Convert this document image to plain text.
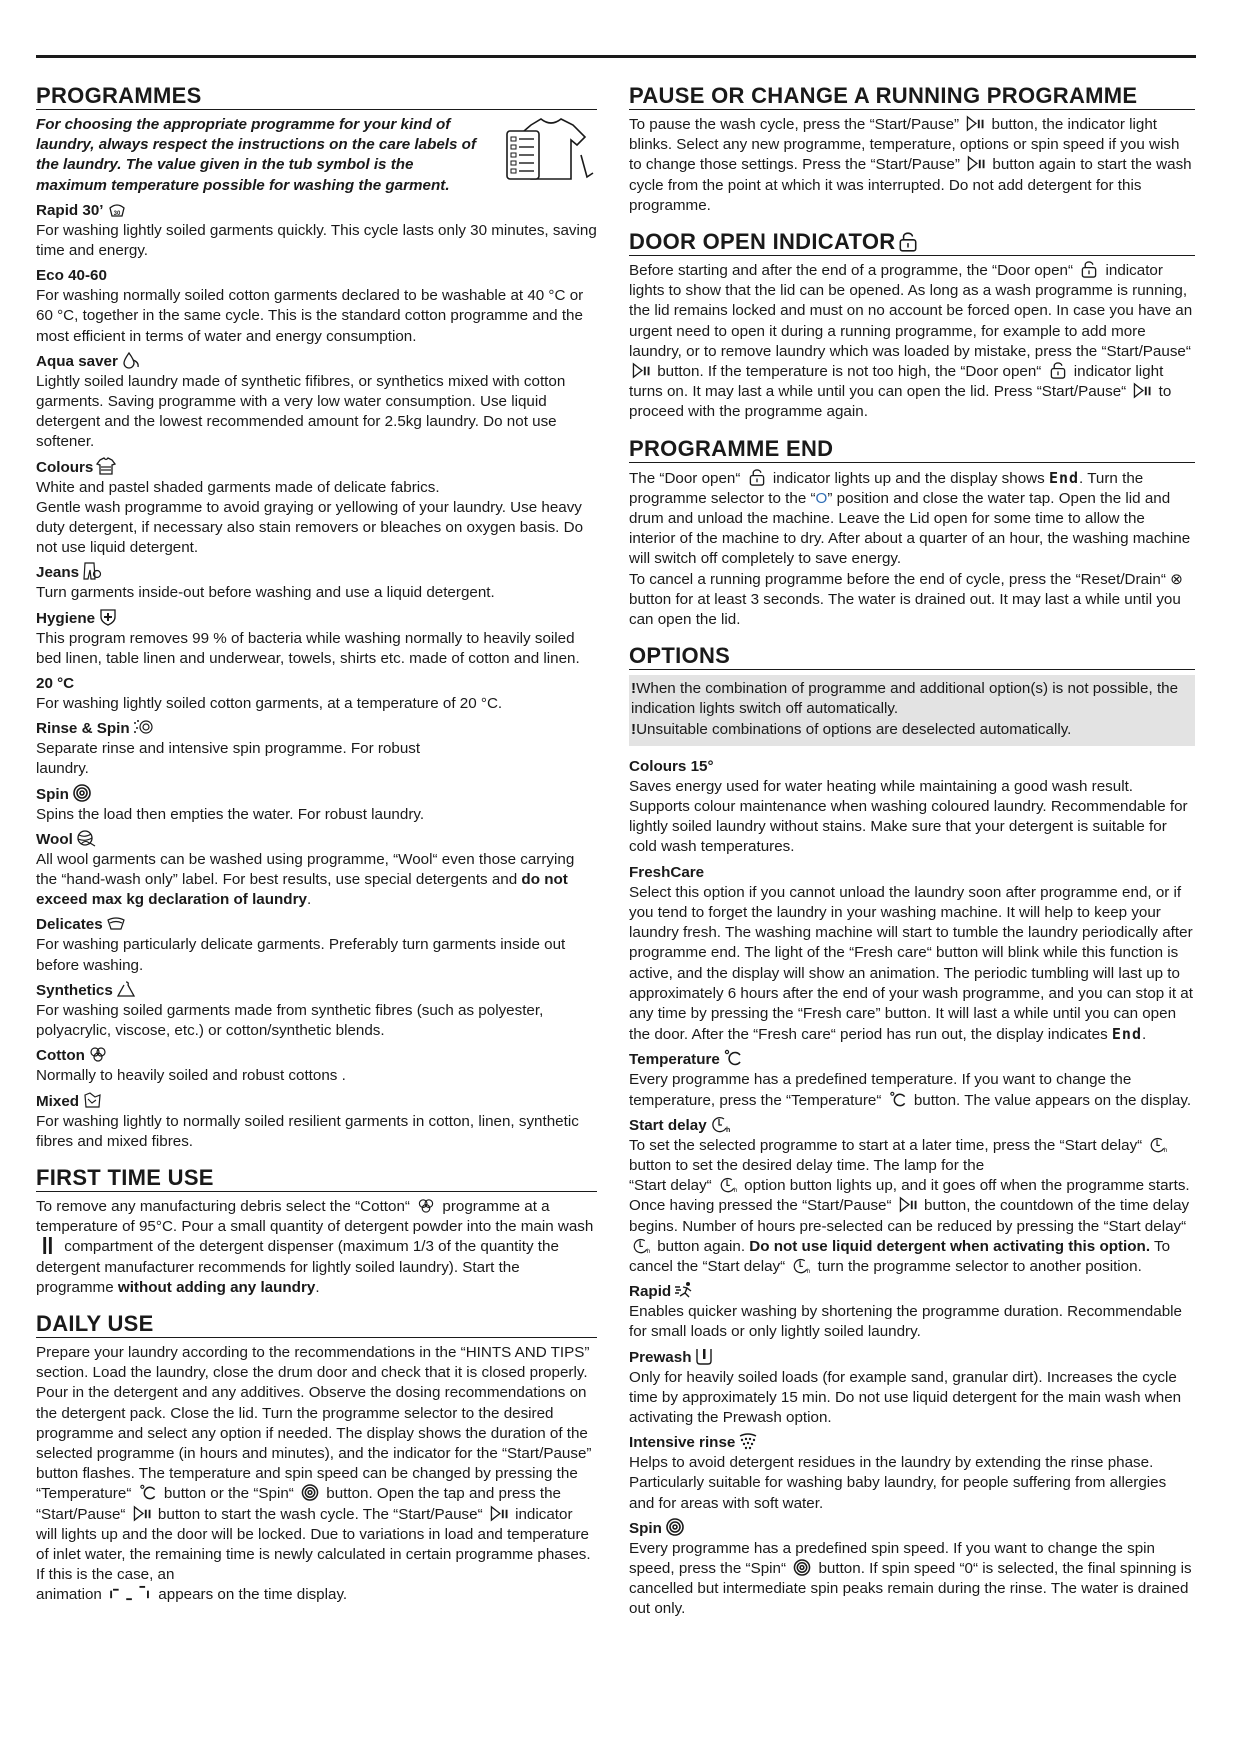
PROGRAMMES

For choosing the appropriate programme for your kind of laundry, always respect the instructions on the care labels of the laundry. The value given in the tub symbol is the maximum temperature possible for washing the garment.

Rapid 30’ 30

For washing lightly soiled garments quickly. This cycle lasts only 30 minutes, saving time and energy.

Eco 40-60

For washing normally soiled cotton garments declared to be washable at 40 °C or 60 °C, together in the same cycle. This is the standard cotton programme and the most efficient in terms of water and energy consumption.

Aqua saver

Lightly soiled laundry made of synthetic fifibres, or synthetics mixed with cotton garments. Saving programme with a very low water consumption. Use liquid detergent and the lowest recommended amount for 2.5kg laundry. Do not use softener.

Colours

White and pastel shaded garments made of delicate fabrics.

Gentle wash programme to avoid graying or yellowing of your laundry. Use heavy duty detergent, if necessary also stain removers or bleaches on oxygen basis. Do not use liquid detergent.

Jeans

Turn garments inside-out before washing and use a liquid detergent.

Hygiene

This program removes 99 % of bacteria while washing normally to heavily soiled bed linen, table linen and underwear, towels, shirts etc. made of cotton and linen.

20 °C

For washing lightly soiled cotton garments, at a temperature of 20 °C.

Rinse & Spin

Separate rinse and intensive spin programme. For robust

laundry.

Spin

Spins the load then empties the water. For robust laundry.

Wool

All wool garments can be washed using programme, “Wool“ even those carrying the “hand-wash only” label. For best results, use special detergents and do not exceed max kg declaration of laundry.

Delicates

For washing particularly delicate garments. Preferably turn garments inside out before washing.

Synthetics

For washing soiled garments made from synthetic fibres (such as polyester, polyacrylic, viscose, etc.) or cotton/synthetic blends.

Cotton

Normally to heavily soiled and robust cottons .

Mixed

For washing lightly to normally soiled resilient garments in cotton, linen, synthetic fibres and mixed fibres.

FIRST TIME USE

To remove any manufacturing debris select the “Cotton“
programme at a temperature of 95°C. Pour a small quantity of detergent powder into the main wash
compartment of the detergent dispenser (maximum 1/3 of the quantity the detergent manufacturer recommends for lightly soiled laundry). Start the programme without adding any laundry.

DAILY USE

Prepare your laundry according to the recommendations in the “HINTS AND TIPS” section. Load the laundry, close the drum door and check that it is closed properly. Pour in the detergent and any additives. Observe the dosing recommendations on the detergent pack. Close the lid. Turn the programme selector to the desired programme and select any option if needed. The display shows the duration of the selected programme (in hours and minutes), and the indicator for the “Start/Pause” button flashes. The temperature and spin speed can be changed by pressing the “Temperature“
button or the “Spin“
button. Open the tap and press the “Start/Pause“
button to start the wash cycle. The “Start/Pause“
indicator will lights up and the door will be locked. Due to variations in load and temperature of inlet water, the remaining time is newly calculated in certain programme phases. If this is the case, an

animation	appears on the time display.

PAUSE OR CHANGE A RUNNING PROGRAMME

To pause the wash cycle, press the “Start/Pause”
button, the indicator light blinks. Select any new programme, temperature, options or spin speed if you wish to change those settings. Press the “Start/Pause”
button again to start the wash cycle from the point at which it was interrupted. Do not add detergent for this programme.

DOOR OPEN INDICATOR

Before starting and after the end of a programme, the “Door open“
indicator lights to show that the lid can be opened. As long as a wash programme is running, the lid remains locked and must on no account be forced open. In case you have an urgent need to open it during a running programme, for example to add more laundry, or to remove laundry which was loaded by mistake, press the “Start/Pause“
button. If the temperature is not too high, the “Door open“
indicator light turns on. It may last a while until you can open the lid. Press “Start/Pause“
to proceed with the programme again.

PROGRAMME END

The “Door open“
indicator lights up and the display shows End. Turn the programme selector to the “O” position and close the water tap. Open the lid and drum and unload the machine. Leave the Lid open for some time to allow the interior of the machine to dry. After about a quarter of an hour, the washing machine will switch off completely to save energy.

To cancel a running programme before the end of cycle, press the “Reset/Drain“ ⊗ button for at least 3 seconds. The water is drained out. It may last a while until you can open the lid.

OPTIONS

!When the combination of programme and additional option(s) is not possible, the indication lights switch off automatically.

!Unsuitable combinations of options are deselected automatically.

Colours 15°

Saves energy used for water heating while maintaining a good wash result. Supports colour maintenance when washing coloured laundry. Recommendable for lightly soiled laundry without stains. Make sure that your detergent is suitable for cold wash temperatures.

FreshCare

Select this option if you cannot unload the laundry soon after programme end, or if you tend to forget the laundry in your washing machine. It will help to keep your laundry fresh. The washing machine will start to tumble the laundry periodically after programme end. The light of the “Fresh care“ button will blink while this function is active, and the display will show an animation. The periodic tumbling will last up to approximately 6 hours after the end of your wash programme, and you can stop it at any time by pressing the “Fresh care” button. It will last a while until you can open the door. After the “Fresh care“ period has run out, the display indicates End.

Temperature

Every programme has a predefined temperature. If you want to change the temperature, press the “Temperature“
button. The value appears on the display.

Start delay	h

To set the selected programme to start at a later time, press the “Start delay“	h
button to set the desired delay time. The lamp for the

“Start delay“	h option button lights up, and it goes off when the programme starts. Once having pressed the “Start/Pause“
button, the countdown of the time delay begins. Number of hours pre-selected can be reduced by pressing the “Start delay“
h button again. Do not use liquid detergent when activating this option. To cancel the “Start delay“	h turn the programme selector to another position.

Rapid

Enables quicker washing by shortening the programme duration. Recommendable for small loads or only lightly soiled laundry.

Prewash

Only for heavily soiled loads (for example sand, granular dirt). Increases the cycle time by approximately 15 min. Do not use liquid detergent for the main wash when activating the Prewash option.

Intensive rinse

Helps to avoid detergent residues in the laundry by extending the rinse phase. Particularly suitable for washing baby laundry, for people suffering from allergies and for areas with soft water.

Spin

Every programme has a predefined spin speed. If you want to change the spin speed, press the “Spin“
button. If spin speed “0“ is selected, the final spinning is cancelled but intermediate spin peaks remain during the rinse. The water is drained out only.
